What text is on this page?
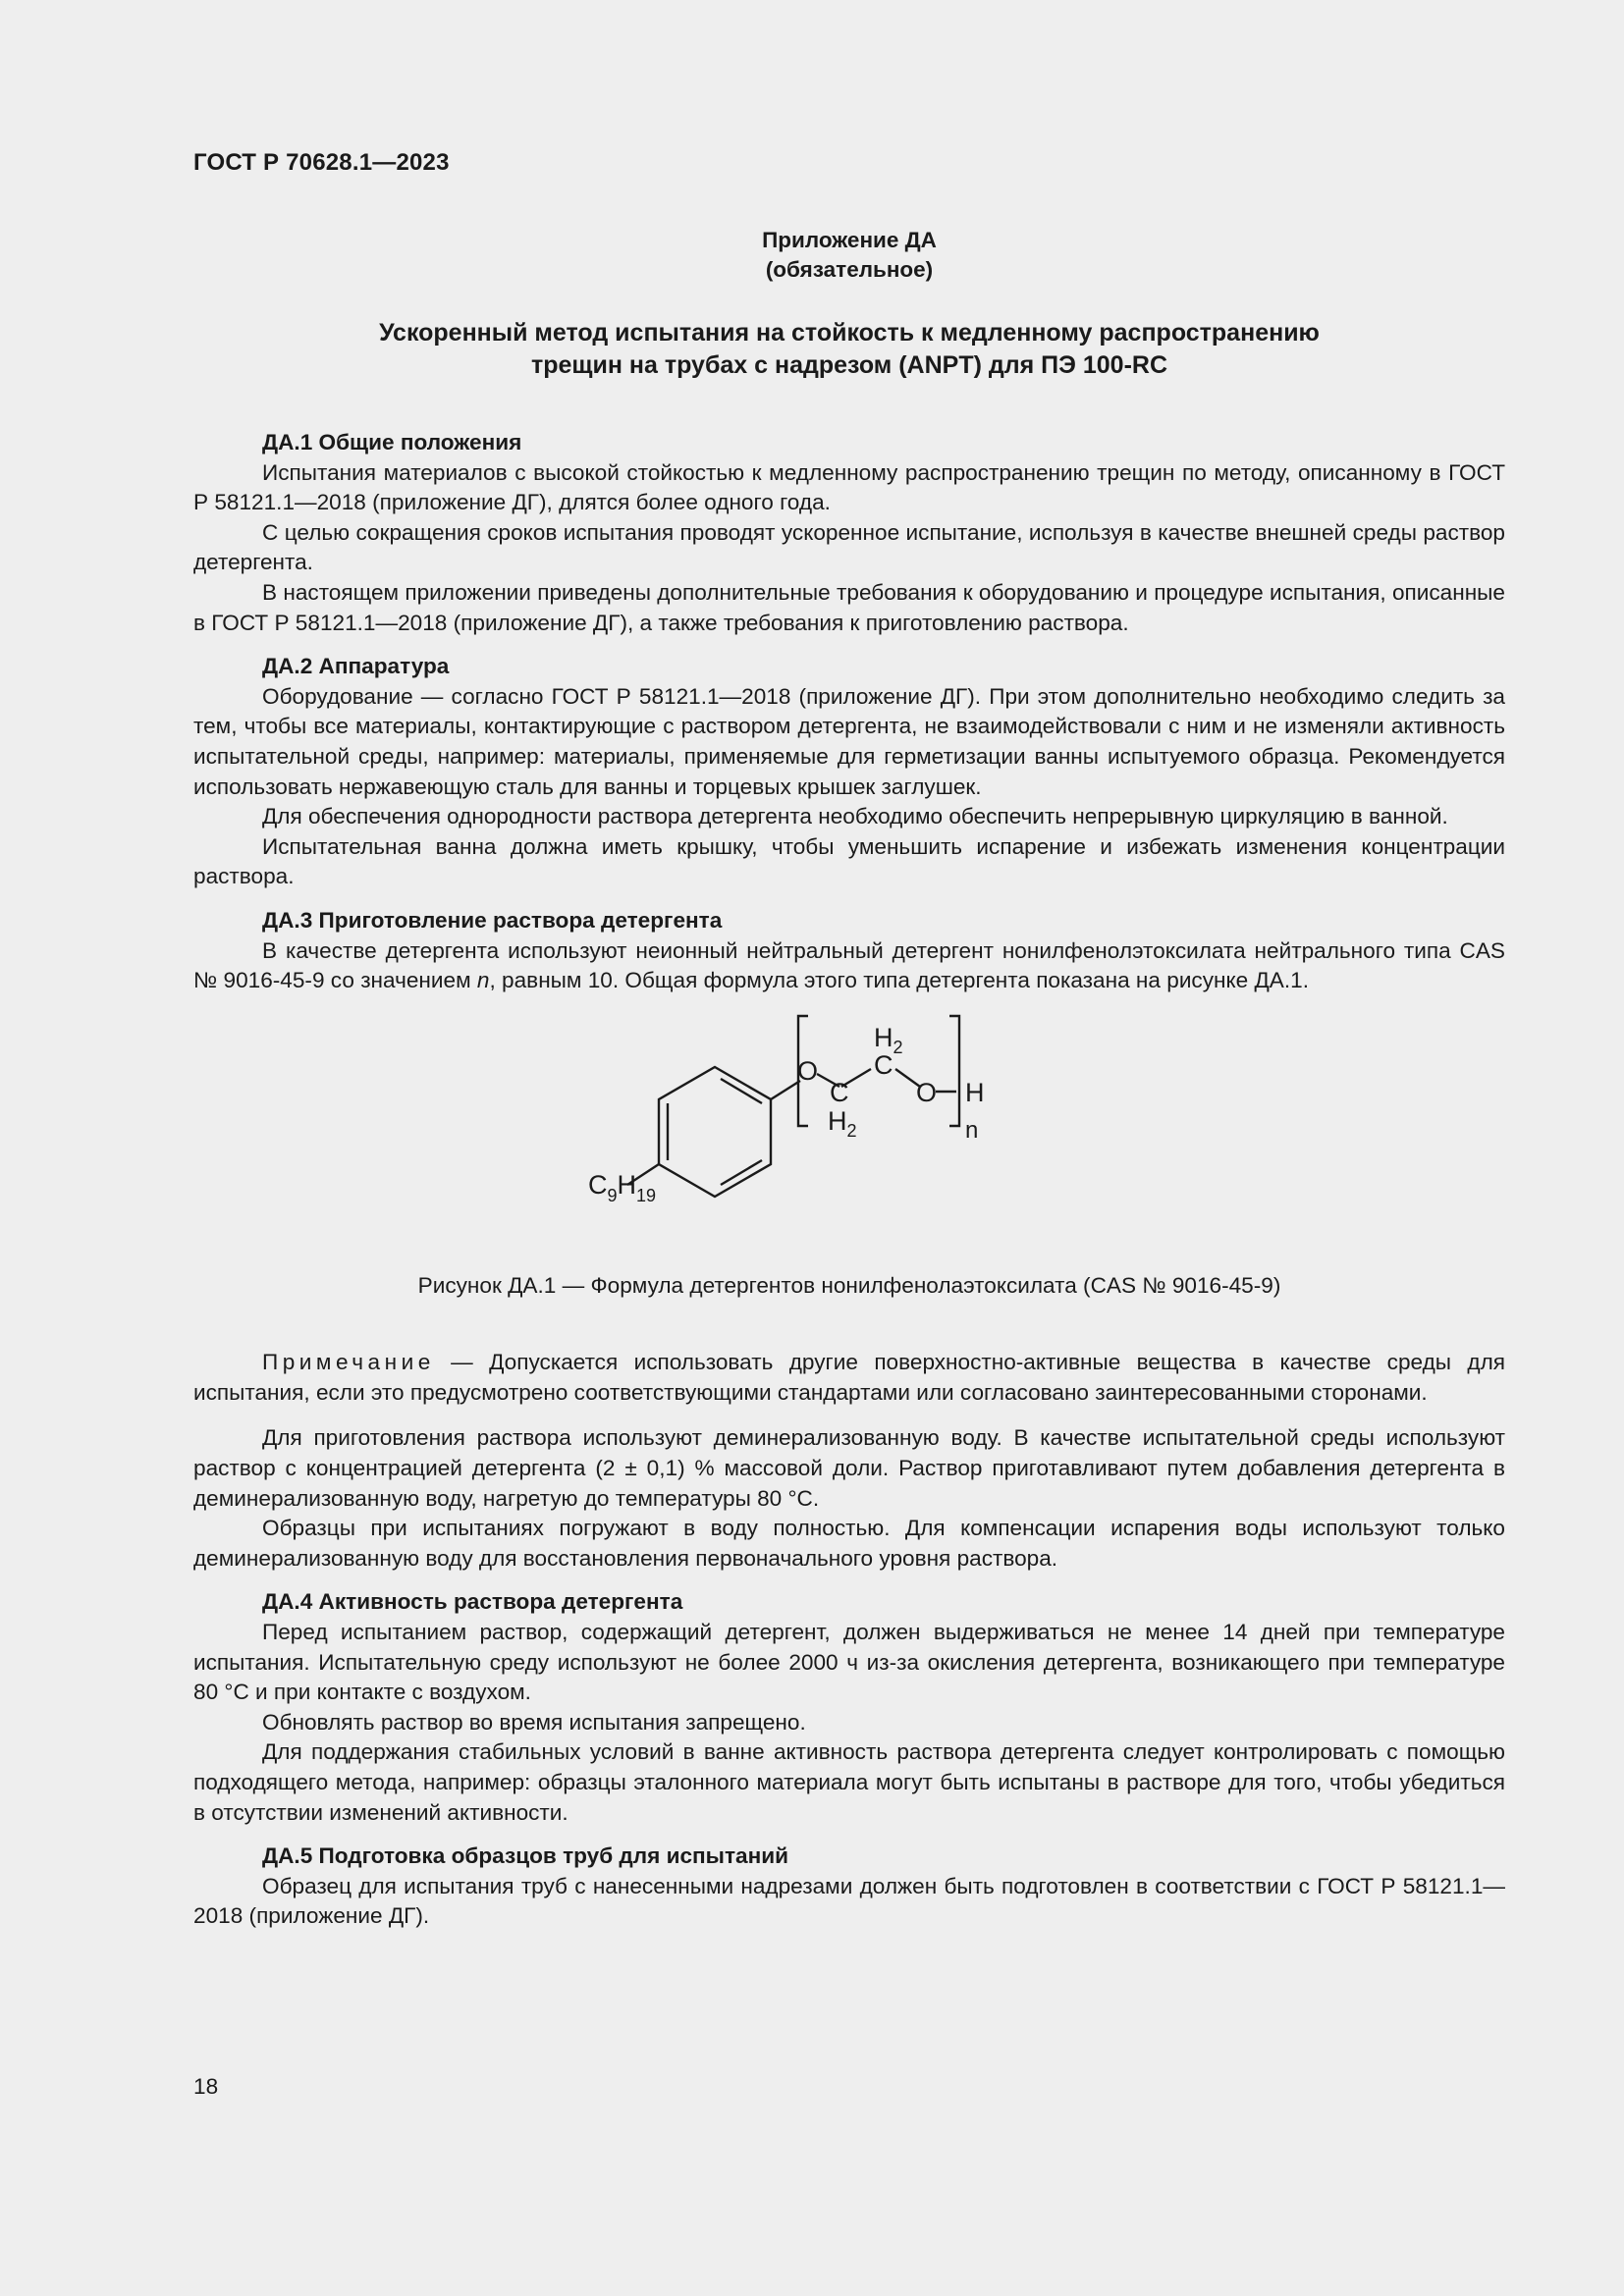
ГОСТ Р 70628.1—2023
Приложение ДА
(обязательное)
Ускоренный метод испытания на стойкость к медленному распространению
трещин на трубах с надрезом (ANPT) для ПЭ 100-RC
ДА.1 Общие положения

Испытания материалов с высокой стойкостью к медленному распространению трещин по методу, описанному в ГОСТ Р 58121.1—2018 (приложение ДГ), длятся более одного года.

С целью сокращения сроков испытания проводят ускоренное испытание, используя в качестве внешней среды раствор детергента.

В настоящем приложении приведены дополнительные требования к оборудованию и процедуре испытания, описанные в ГОСТ Р 58121.1—2018 (приложение ДГ), а также требования к приготовлению раствора.

ДА.2 Аппаратура

Оборудование — согласно ГОСТ Р 58121.1—2018 (приложение ДГ). При этом дополнительно необходимо следить за тем, чтобы все материалы, контактирующие с раствором детергента, не взаимодействовали с ним и не изменяли активность испытательной среды, например: материалы, применяемые для герметизации ванны испытуемого образца. Рекомендуется использовать нержавеющую сталь для ванны и торцевых крышек заглушек.

Для обеспечения однородности раствора детергента необходимо обеспечить непрерывную циркуляцию в ванной.

Испытательная ванна должна иметь крышку, чтобы уменьшить испарение и избежать изменения концентрации раствора.

ДА.3 Приготовление раствора детергента

В качестве детергента используют неионный нейтральный детергент нонилфенолэтоксилата нейтрального типа CAS № 9016-45-9 со значением n, равным 10. Общая формула этого типа детергента показана на рисунке ДА.1.

$C_9H_{19}$
O
C
$H_2$
C
$H_2$
O H
n

Рисунок ДА.1 — Формула детергентов нонилфенолаэтоксилата (CAS № 9016-45-9)

Примечание — Допускается использовать другие поверхностно-активные вещества в качестве среды для испытания, если это предусмотрено соответствующими стандартами или согласовано заинтересованными сторонами.

Для приготовления раствора используют деминерализованную воду. В качестве испытательной среды используют раствор с концентрацией детергента (2 ± 0,1) % массовой доли. Раствор приготавливают путем добавления детергента в деминерализованную воду, нагретую до температуры 80 °С.

Образцы при испытаниях погружают в воду полностью. Для компенсации испарения воды используют только деминерализованную воду для восстановления первоначального уровня раствора.

ДА.4 Активность раствора детергента

Перед испытанием раствор, содержащий детергент, должен выдерживаться не менее 14 дней при температуре испытания. Испытательную среду используют не более 2000 ч из-за окисления детергента, возникающего при температуре 80 °С и при контакте с воздухом.

Обновлять раствор во время испытания запрещено.

Для поддержания стабильных условий в ванне активность раствора детергента следует контролировать с помощью подходящего метода, например: образцы эталонного материала могут быть испытаны в растворе для того, чтобы убедиться в отсутствии изменений активности.

ДА.5 Подготовка образцов труб для испытаний

Образец для испытания труб с нанесенными надрезами должен быть подготовлен в соответствии с ГОСТ Р 58121.1—2018 (приложение ДГ).

18
